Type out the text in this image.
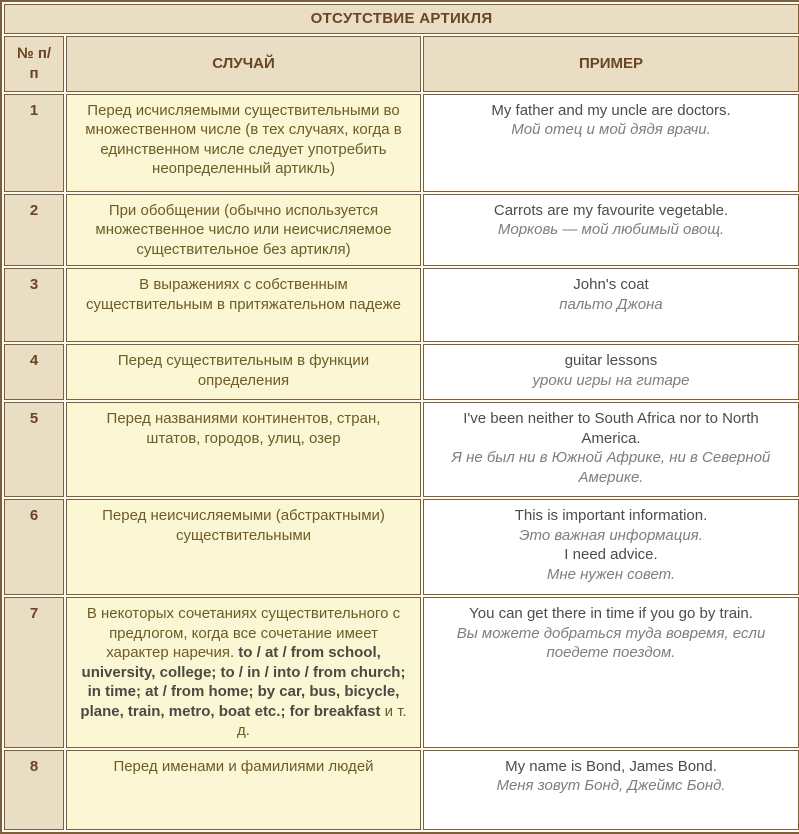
ОТСУТСТВИЕ АРТИКЛЯ		
№ п/п	СЛУЧАЙ	ПРИМЕР
1	Перед исчисляемыми существительными во множественном числе (в тех случаях, когда в единственном числе следует употребить неопределенный артикль)	My father and my uncle are doctors.
Мой отец и мой дядя врачи.

2	При обобщении (обычно используется множественное число или неисчисляемое существительное без артикля)	Carrots are my favourite vegetable.
Морковь — мой любимый овощ.

3	В выражениях с собственным существительным в притяжательном падеже	John's coat
пальто Джона

4	Перед существительным в функции определения	guitar lessons
уроки игры на гитаре

5	Перед названиями континентов, стран, штатов, городов, улиц, озер	I've been neither to South Africa nor to North America.
Я не был ни в Южной Африке, ни в Северной Америке.

6	Перед неисчисляемыми (абстрактными) существительными	This is important information.
Это важная информация.
I need advice.
Мне нужен совет.

7	В некоторых сочетаниях существительного с предлогом, когда все сочетание имеет характер наречия. to / at / from school, university, college; to / in / into / from church; in time; at / from home; by car, bus, bicycle, plane, train, metro, boat etc.; for breakfast и т. д.	You can get there in time if you go by train.
Вы можете добраться туда вовремя, если поедете поездом.

8	Перед именами и фамилиями людей	My name is Bond, James Bond.
Меня зовут Бонд, Джеймс Бонд.
